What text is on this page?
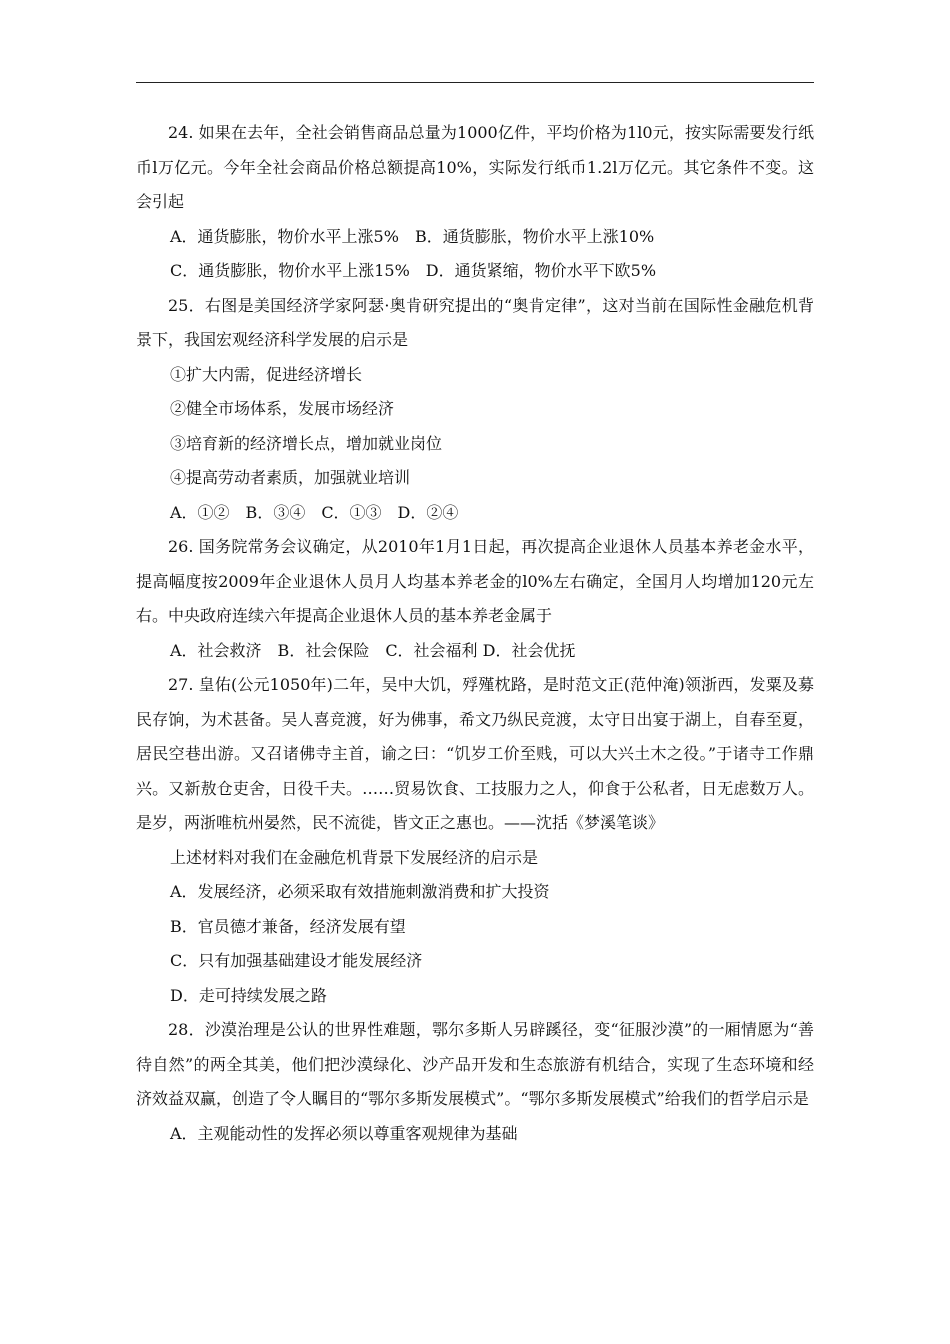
24. 如果在去年，全社会销售商品总量为1000亿件，平均价格为1l0元，按实际需要发行纸币l万亿元。今年全社会商品价格总额提高10%，实际发行纸币1.2l万亿元。其它条件不变。这会引起

A．通货膨胀，物价水平上涨5%　B．通货膨胀，物价水平上涨10%

C．通货膨胀，物价水平上涨15%　D．通货紧缩，物价水平下欧5%

25．右图是美国经济学家阿瑟·奥肯研究提出的“奥肯定律”，这对当前在国际性金融危机背景下，我国宏观经济科学发展的启示是

①扩大内需，促进经济增长

②健全市场体系，发展市场经济

③培育新的经济增长点，增加就业岗位

④提高劳动者素质，加强就业培训

A．①②　B．③④　C．①③　D．②④

26. 国务院常务会议确定，从2010年1月1日起，再次提高企业退休人员基本养老金水平，提高幅度按2009年企业退休人员月人均基本养老金的l0%左右确定，全国月人均增加120元左右。中央政府连续六年提高企业退休人员的基本养老金属于

A．社会救济　B．社会保险　C．社会福利 D．社会优抚

27. 皇佑(公元1050年)二年，吴中大饥，殍殣枕路，是时范文正(范仲淹)领浙西，发粟及募民存饷，为术甚备。吴人喜竞渡，好为佛事，希文乃纵民竞渡，太守日出宴于湖上，自春至夏，居民空巷出游。又召诸佛寺主首，谕之曰：“饥岁工价至贱，可以大兴土木之役。”于诸寺工作鼎兴。又新敖仓吏舍，日役千夫。……贸易饮食、工技服力之人，仰食于公私者，日无虑数万人。是岁，两浙唯杭州晏然，民不流徙，皆文正之惠也。——沈括《梦溪笔谈》

上述材料对我们在金融危机背景下发展经济的启示是

A．发展经济，必须采取有效措施刺激消费和扩大投资

B．官员德才兼备，经济发展有望

C．只有加强基础建设才能发展经济

D．走可持续发展之路

28．沙漠治理是公认的世界性难题，鄂尔多斯人另辟蹊径，变“征服沙漠”的一厢情愿为“善待自然”的两全其美，他们把沙漠绿化、沙产品开发和生态旅游有机结合，实现了生态环境和经济效益双赢，创造了令人瞩目的“鄂尔多斯发展模式”。“鄂尔多斯发展模式”给我们的哲学启示是

A．主观能动性的发挥必须以尊重客观规律为基础
